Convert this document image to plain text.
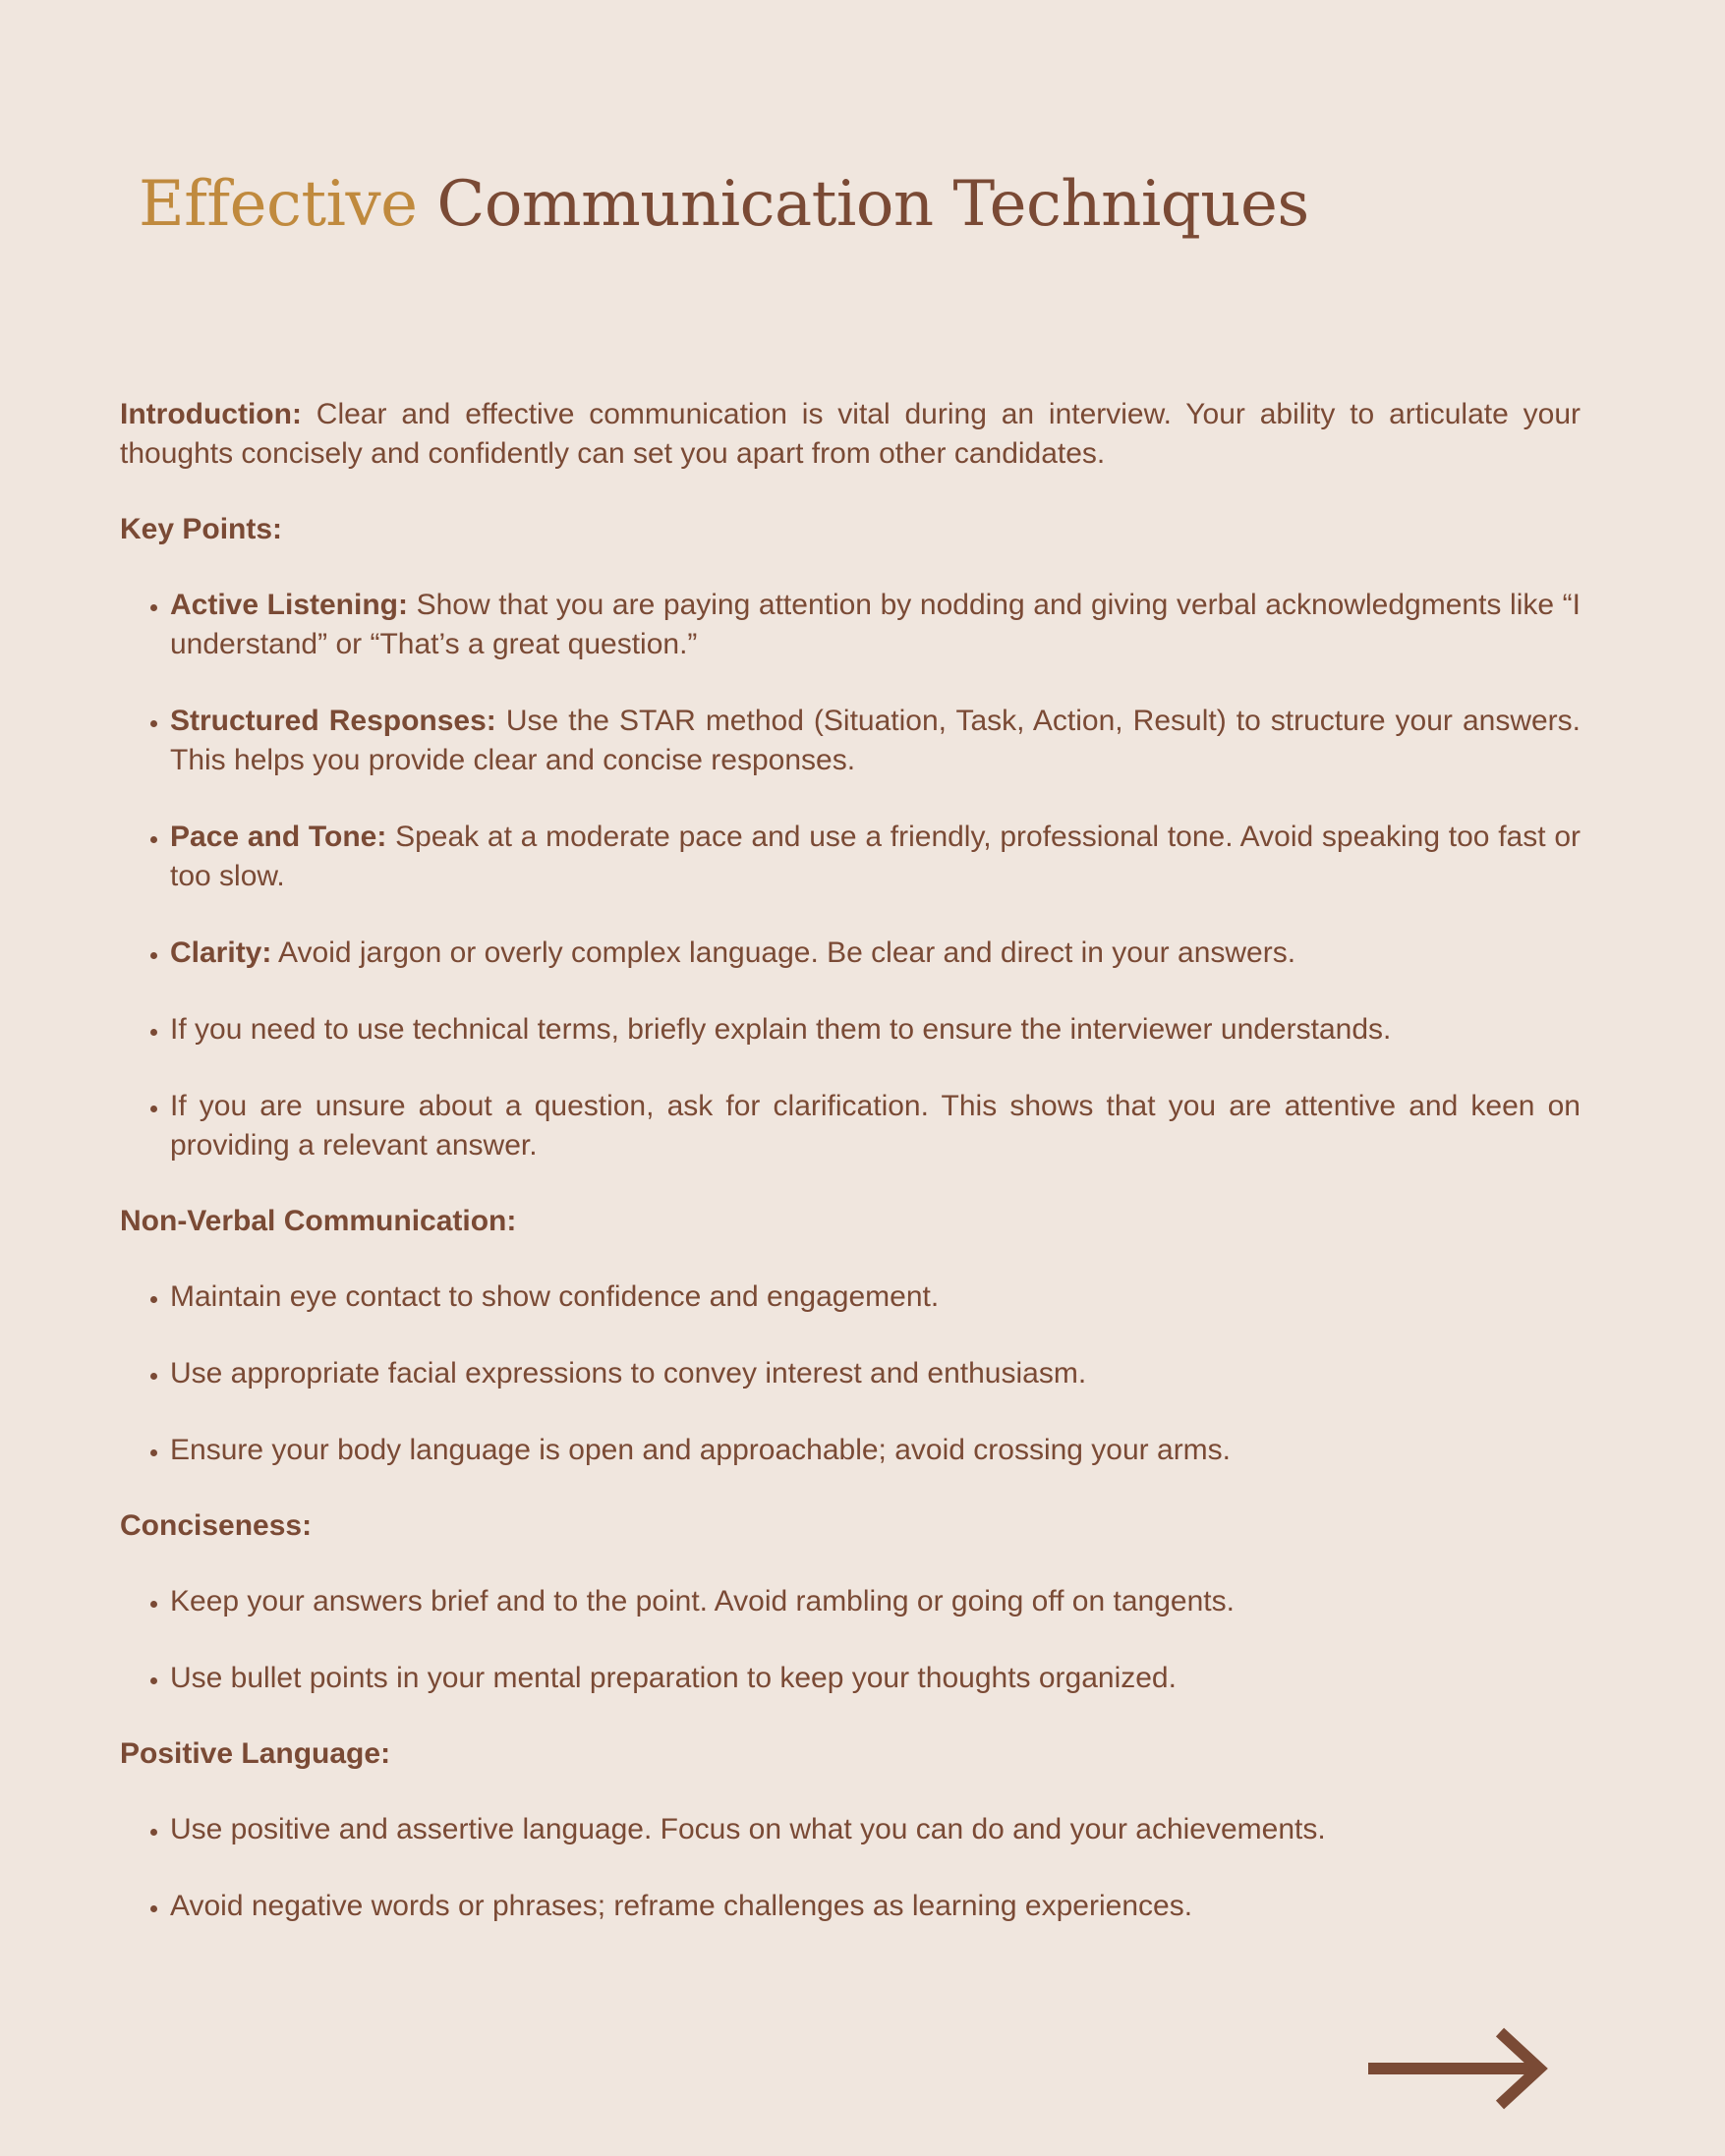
Effective Communication Techniques

Introduction: Clear and effective communication is vital during an interview. Your ability to articulate your thoughts concisely and confidently can set you apart from other candidates.

Key Points:

• Active Listening: Show that you are paying attention by nodding and giving verbal acknowledgments like “I understand” or “That’s a great question.”
• Structured Responses: Use the STAR method (Situation, Task, Action, Result) to structure your answers. This helps you provide clear and concise responses.
• Pace and Tone: Speak at a moderate pace and use a friendly, professional tone. Avoid speaking too fast or too slow.
• Clarity: Avoid jargon or overly complex language. Be clear and direct in your answers.
• If you need to use technical terms, briefly explain them to ensure the interviewer understands.
• If you are unsure about a question, ask for clarification. This shows that you are attentive and keen on providing a relevant answer.

Non-Verbal Communication:

• Maintain eye contact to show confidence and engagement.
• Use appropriate facial expressions to convey interest and enthusiasm.
• Ensure your body language is open and approachable; avoid crossing your arms.

Conciseness:

• Keep your answers brief and to the point. Avoid rambling or going off on tangents.
• Use bullet points in your mental preparation to keep your thoughts organized.

Positive Language:

• Use positive and assertive language. Focus on what you can do and your achievements.
• Avoid negative words or phrases; reframe challenges as learning experiences.
